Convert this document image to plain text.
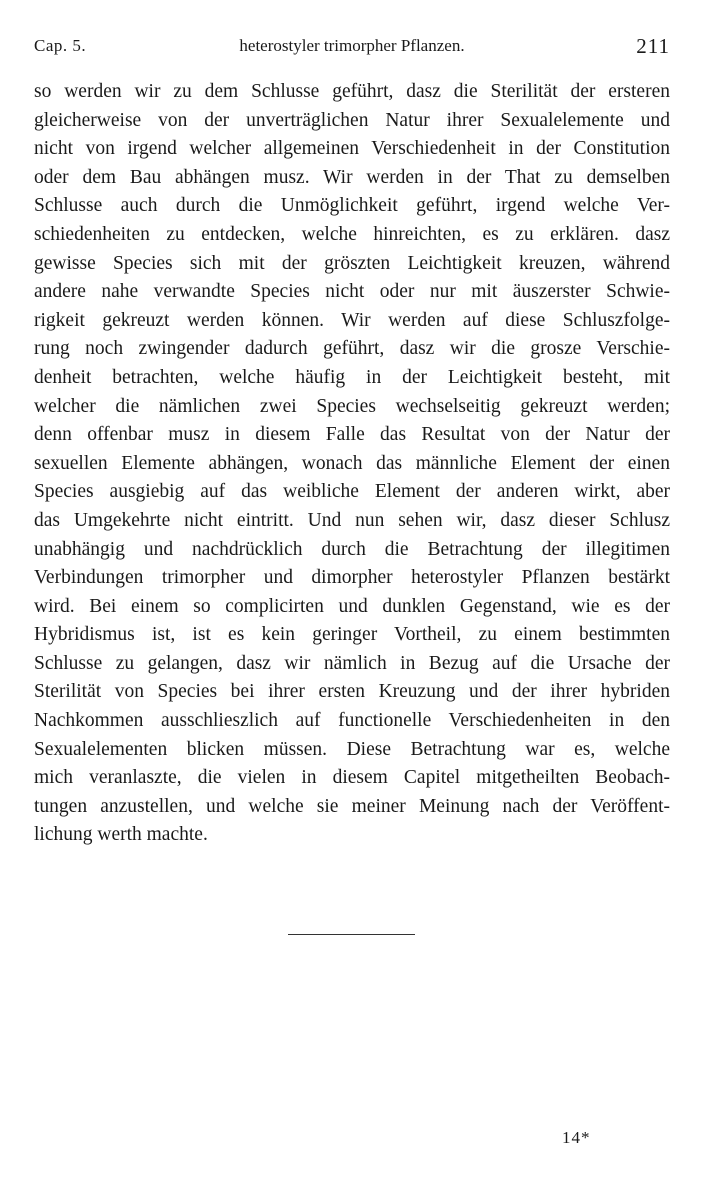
Cap. 5.	heterostyler trimorpher Pflanzen.	211
so werden wir zu dem Schlusse geführt, dasz die Sterilität der ersteren
gleicherweise von der unverträglichen Natur ihrer Sexualelemente und
nicht von irgend welcher allgemeinen Verschiedenheit in der Constitution
oder dem Bau abhängen musz. Wir werden in der That zu demselben
Schlusse auch durch die Unmöglichkeit geführt, irgend welche Ver-
schiedenheiten zu entdecken, welche hinreichten, es zu erklären. dasz
gewisse Species sich mit der gröszten Leichtigkeit kreuzen, während
andere nahe verwandte Species nicht oder nur mit äuszerster Schwie-
rigkeit gekreuzt werden können. Wir werden auf diese Schluszfolge-
rung noch zwingender dadurch geführt, dasz wir die grosze Verschie-
denheit betrachten, welche häufig in der Leichtigkeit besteht, mit
welcher die nämlichen zwei Species wechselseitig gekreuzt werden;
denn offenbar musz in diesem Falle das Resultat von der Natur der
sexuellen Elemente abhängen, wonach das männliche Element der einen
Species ausgiebig auf das weibliche Element der anderen wirkt, aber
das Umgekehrte nicht eintritt. Und nun sehen wir, dasz dieser Schlusz
unabhängig und nachdrücklich durch die Betrachtung der illegitimen
Verbindungen trimorpher und dimorpher heterostyler Pflanzen bestärkt
wird. Bei einem so complicirten und dunklen Gegenstand, wie es der
Hybridismus ist, ist es kein geringer Vortheil, zu einem bestimmten
Schlusse zu gelangen, dasz wir nämlich in Bezug auf die Ursache der
Sterilität von Species bei ihrer ersten Kreuzung und der ihrer hybriden
Nachkommen ausschlieszlich auf functionelle Verschiedenheiten in den
Sexualelementen blicken müssen. Diese Betrachtung war es, welche
mich veranlaszte, die vielen in diesem Capitel mitgetheilten Beobach-
tungen anzustellen, und welche sie meiner Meinung nach der Veröffent-
lichung werth machte.
14*
